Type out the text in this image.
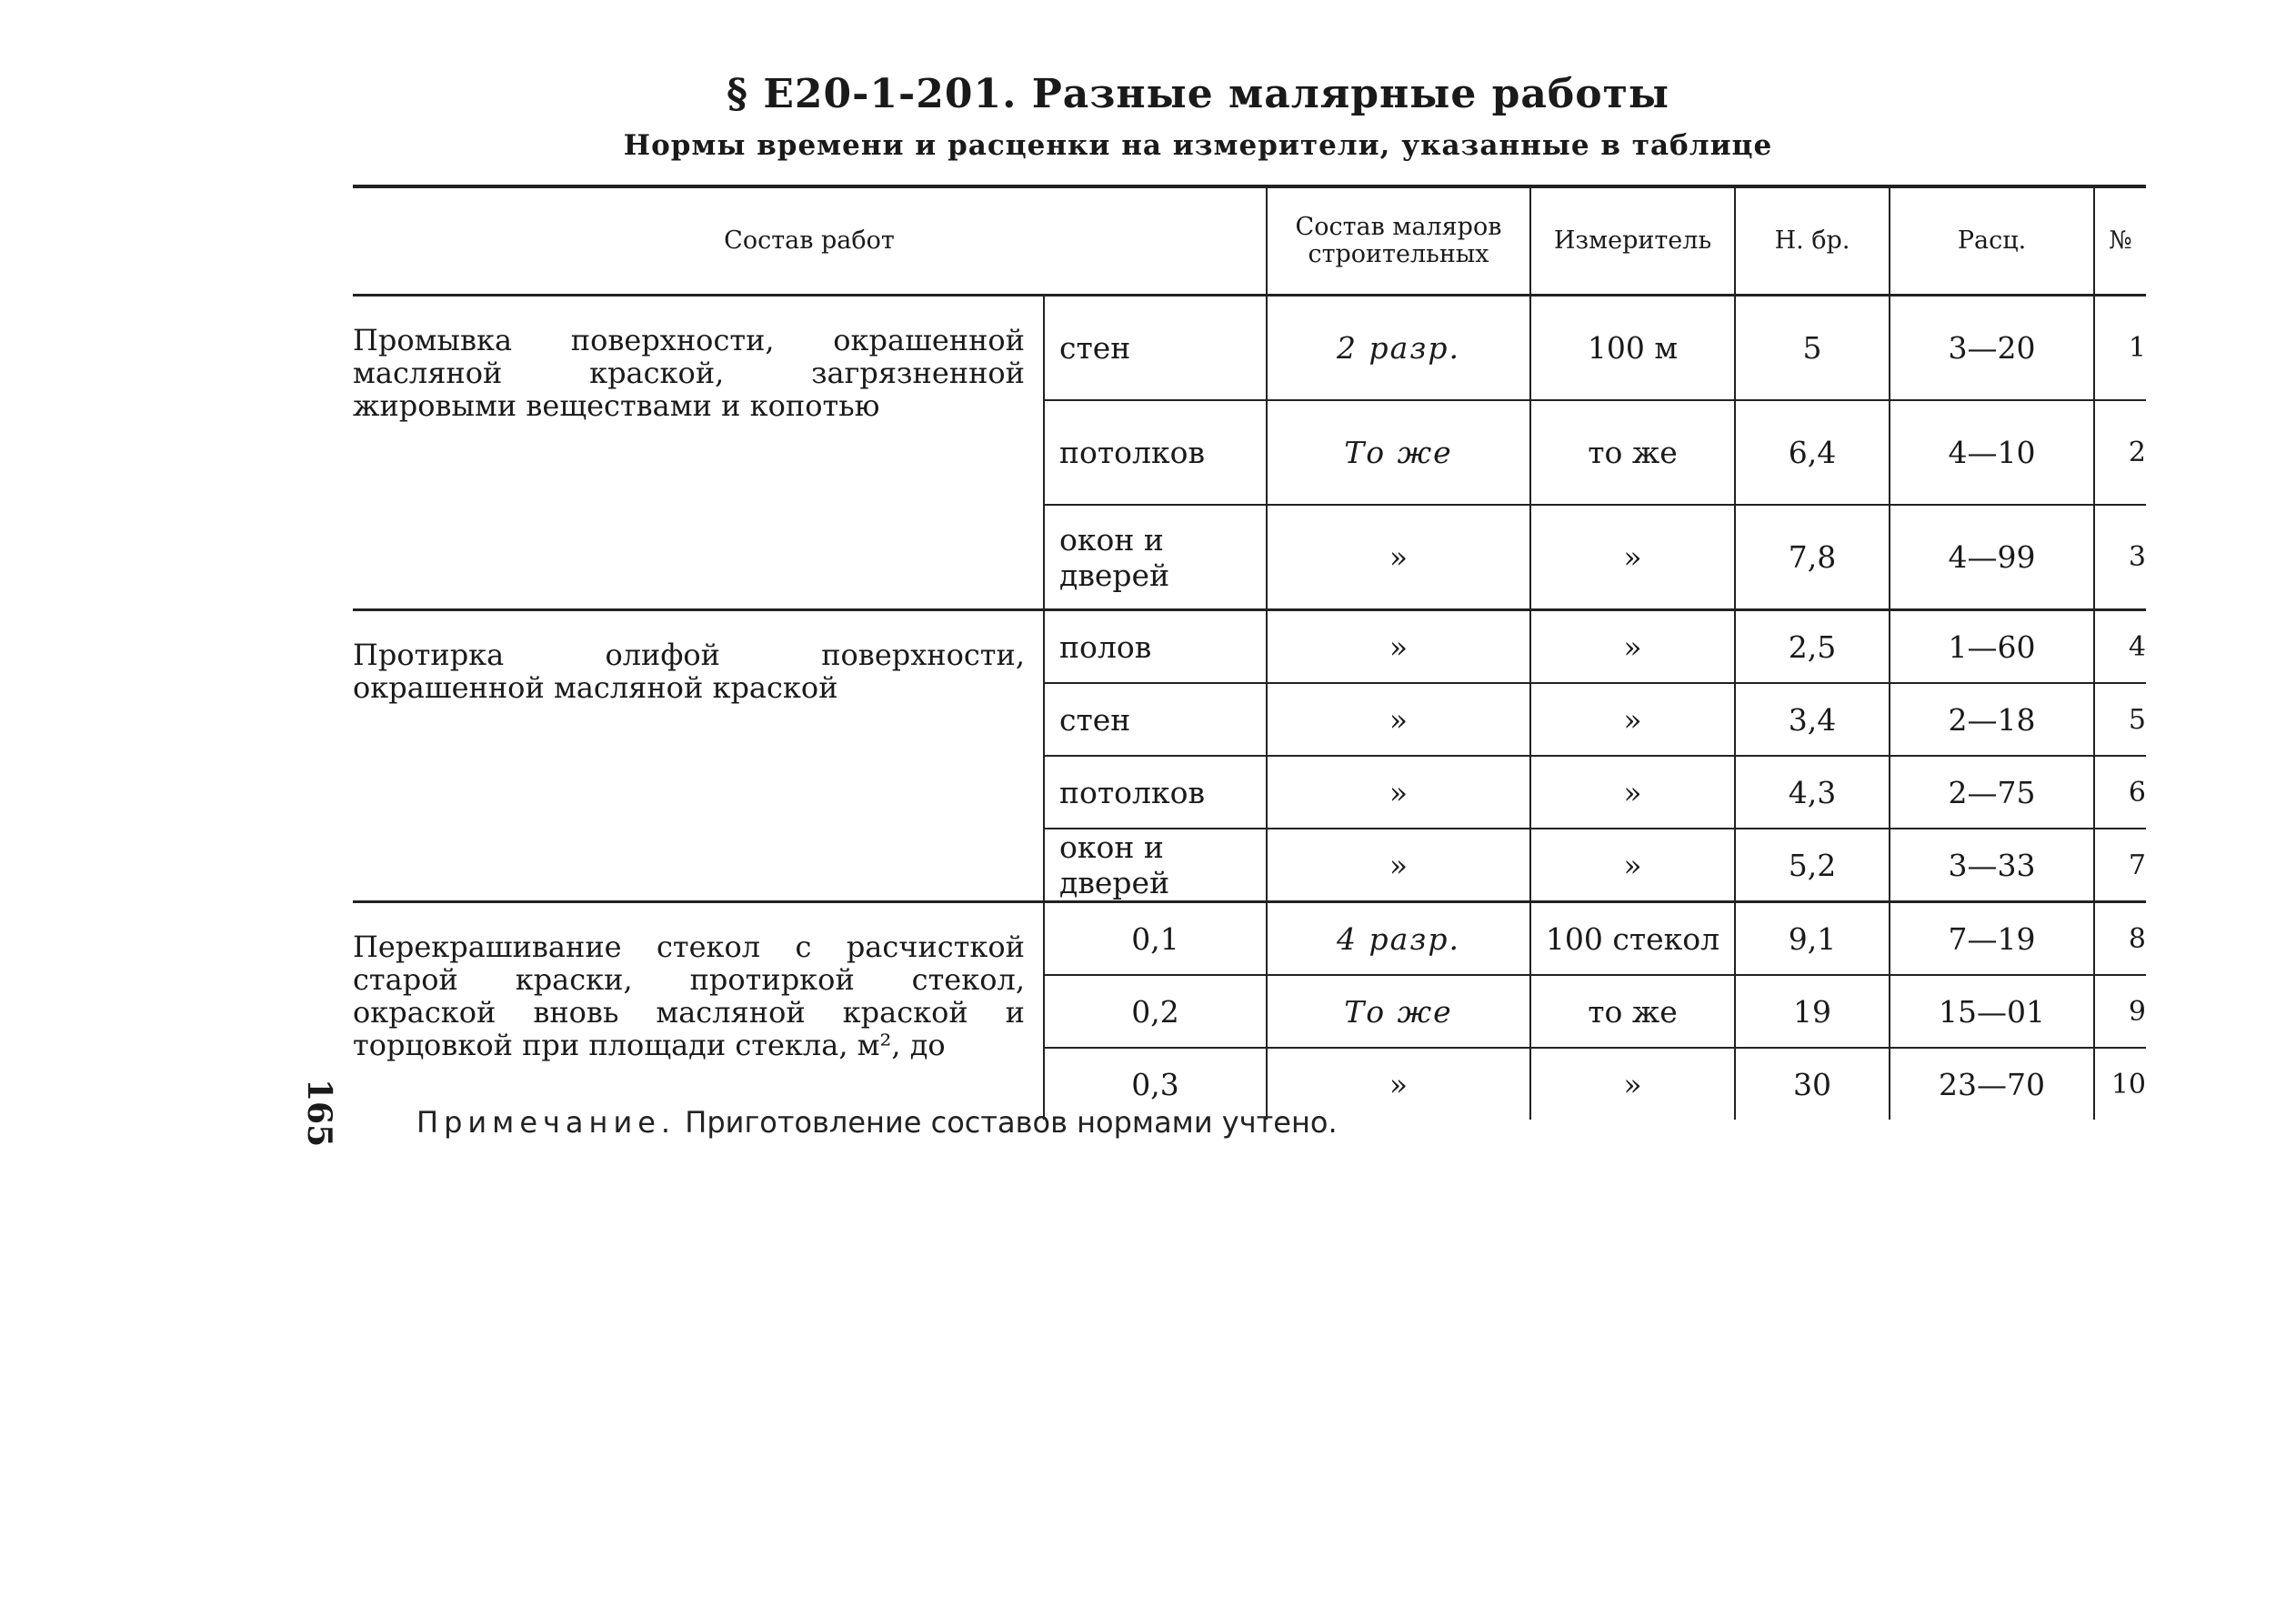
§ Е20-1-201. Разные малярные работы
Нормы времени и расценки на измерители, указанные в таблице
Состав работ		Состав маляров строительных	Измеритель	Н. бр.	Расц.	№
Промывка поверхности, окрашенной масляной краской, загрязненной жировыми веществами и копотью	стен	2 разр.	100 м	5	3—20	1
	потолков	То же	то же	6,4	4—10	2
	окон и дверей	»	»	7,8	4—99	3
Протирка олифой поверхности, окрашенной масляной краской	полов	»	»	2,5	1—60	4
	стен	»	»	3,4	2—18	5
	потолков	»	»	4,3	2—75	6
	окон и дверей	»	»	5,2	3—33	7
Перекрашивание стекол с расчисткой старой краски, протиркой стекол, окраской вновь масляной краской и торцовкой при площади стекла, м², до	0,1	4 разр.	100 стекол	9,1	7—19	8
	0,2	То же	то же	19	15—01	9
	0,3	»	»	30	23—70	10
165	Примечание. Приготовление составов нормами учтено.
